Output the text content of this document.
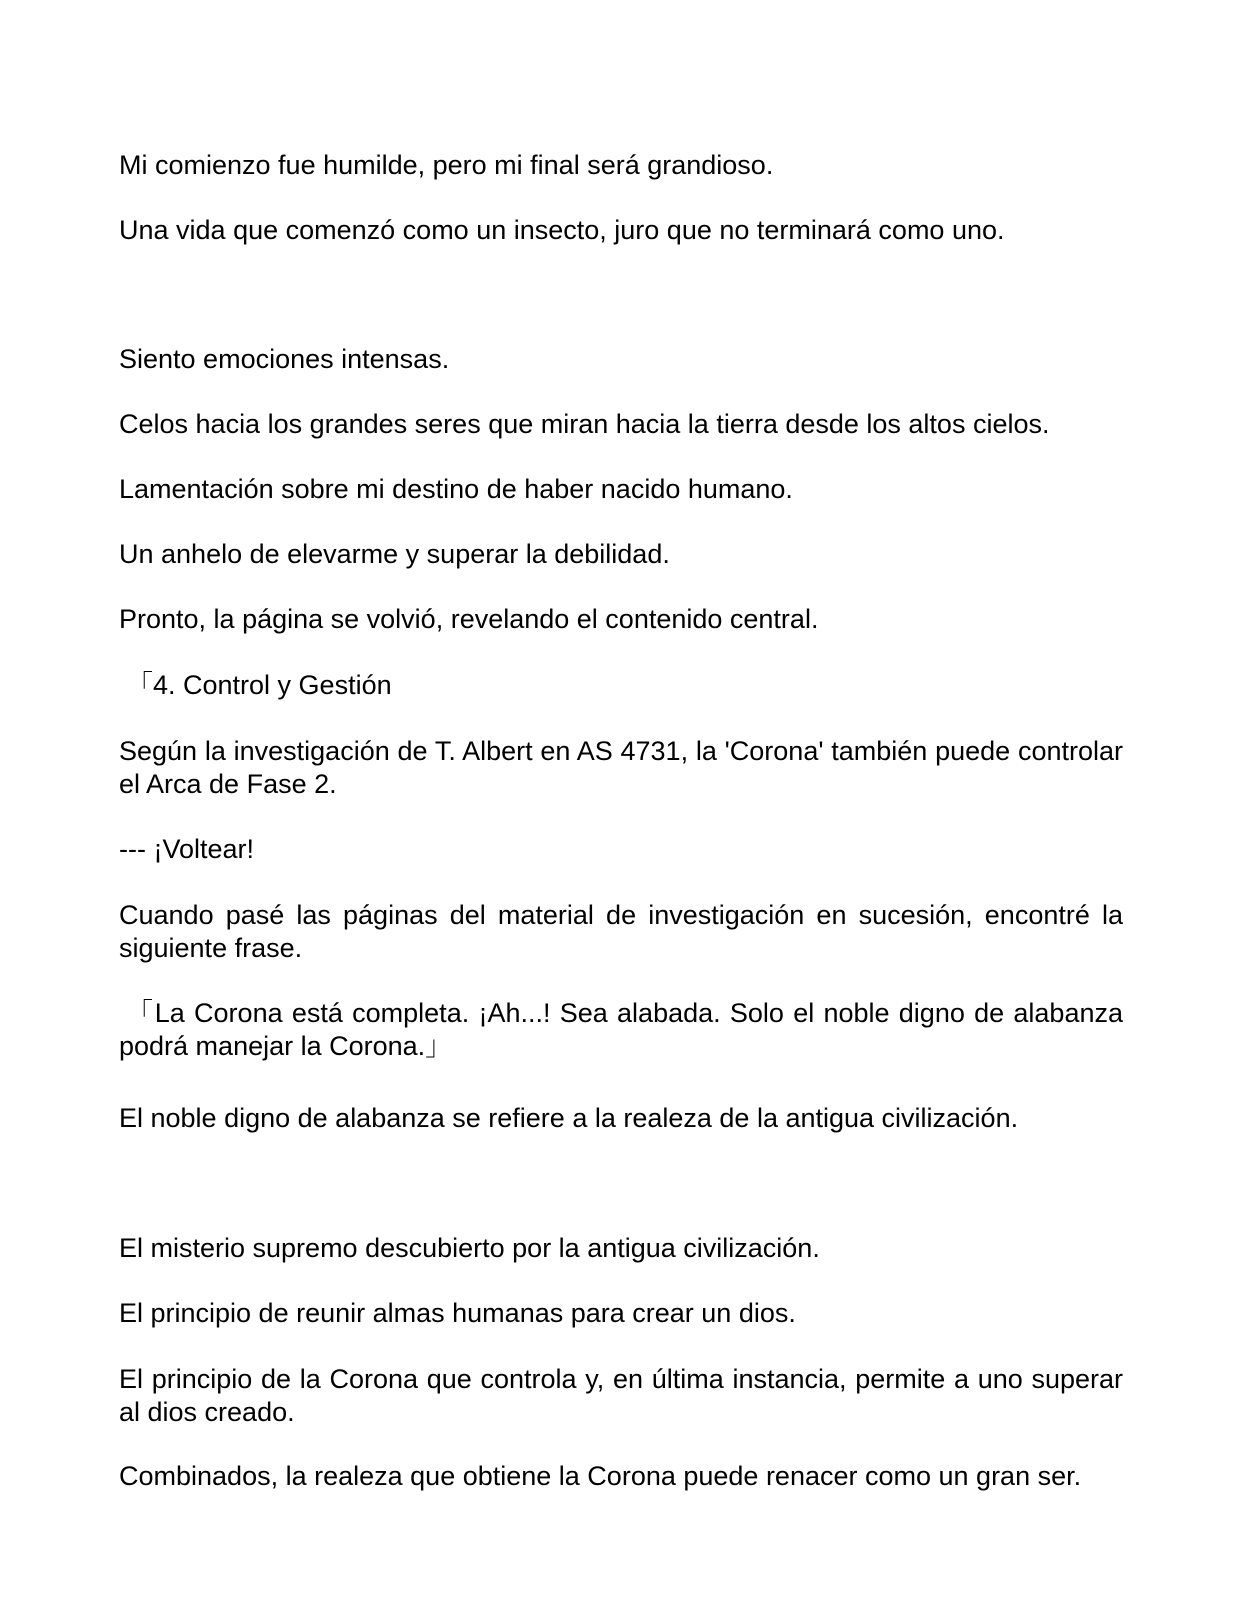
Mi comienzo fue humilde, pero mi final será grandioso.

Una vida que comenzó como un insecto, juro que no terminará como uno.

Siento emociones intensas.

Celos hacia los grandes seres que miran hacia la tierra desde los altos cielos.

Lamentación sobre mi destino de haber nacido humano.

Un anhelo de elevarme y superar la debilidad.

Pronto, la página se volvió, revelando el contenido central.

「4. Control y Gestión

Según la investigación de T. Albert en AS 4731, la 'Corona' también puede controlar el Arca de Fase 2.

--- ¡Voltear!

Cuando pasé las páginas del material de investigación en sucesión, encontré la siguiente frase.

「La Corona está completa. ¡Ah...! Sea alabada. Solo el noble digno de alabanza podrá manejar la Corona.」

El noble digno de alabanza se refiere a la realeza de la antigua civilización.

El misterio supremo descubierto por la antigua civilización.

El principio de reunir almas humanas para crear un dios.

El principio de la Corona que controla y, en última instancia, permite a uno superar al dios creado.

Combinados, la realeza que obtiene la Corona puede renacer como un gran ser.
